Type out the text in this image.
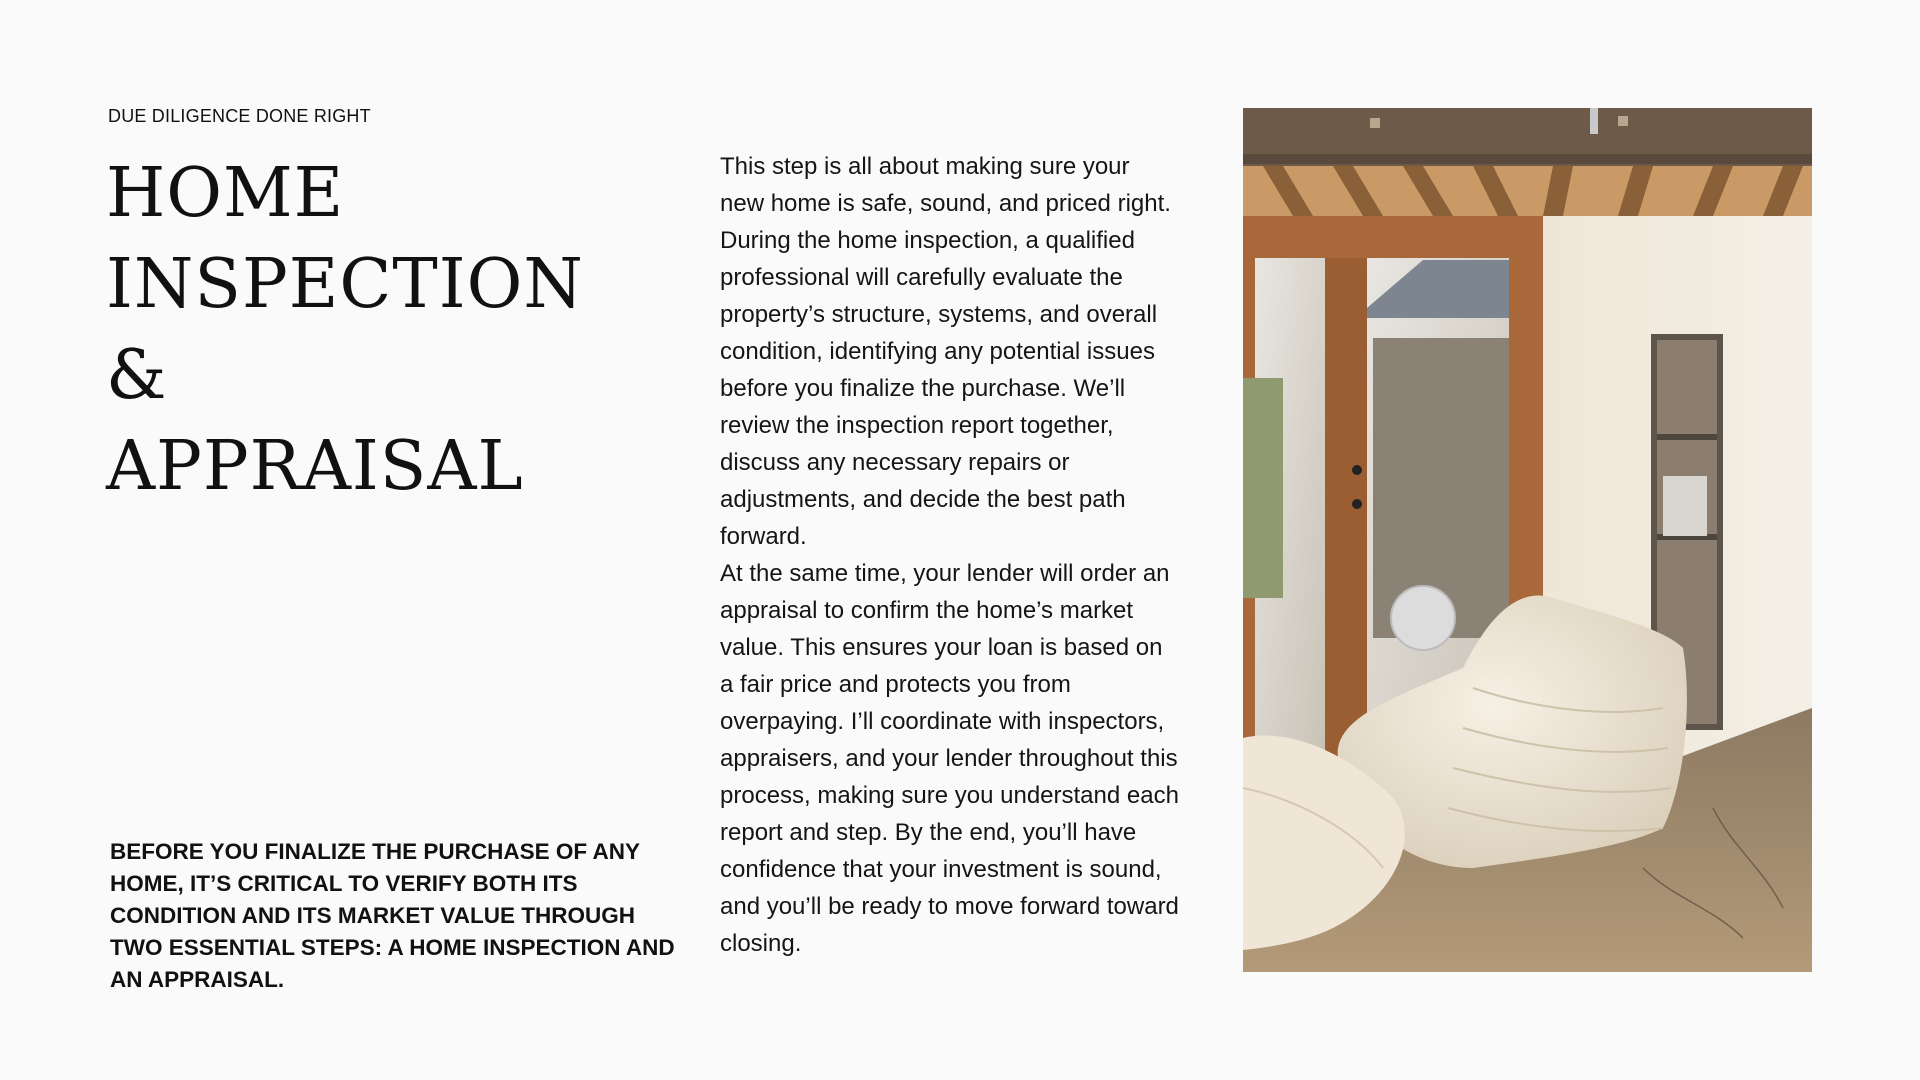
DUE DILIGENCE DONE RIGHT
HOME
INSPECTION &
APPRAISAL

BEFORE YOU FINALIZE THE PURCHASE OF ANY HOME, IT’S CRITICAL TO VERIFY BOTH ITS CONDITION AND ITS MARKET VALUE THROUGH TWO ESSENTIAL STEPS: A HOME INSPECTION AND AN APPRAISAL.

This step is all about making sure your new home is safe, sound, and priced right. During the home inspection, a qualified professional will carefully evaluate the property’s structure, systems, and overall condition, identifying any potential issues before you finalize the purchase. We’ll review the inspection report together, discuss any necessary repairs or adjustments, and decide the best path forward.

At the same time, your lender will order an appraisal to confirm the home’s market value. This ensures your loan is based on a fair price and protects you from overpaying. I’ll coordinate with inspectors, appraisers, and your lender throughout this process, making sure you understand each report and step. By the end, you’ll have confidence that your investment is sound, and you’ll be ready to move forward toward closing.
